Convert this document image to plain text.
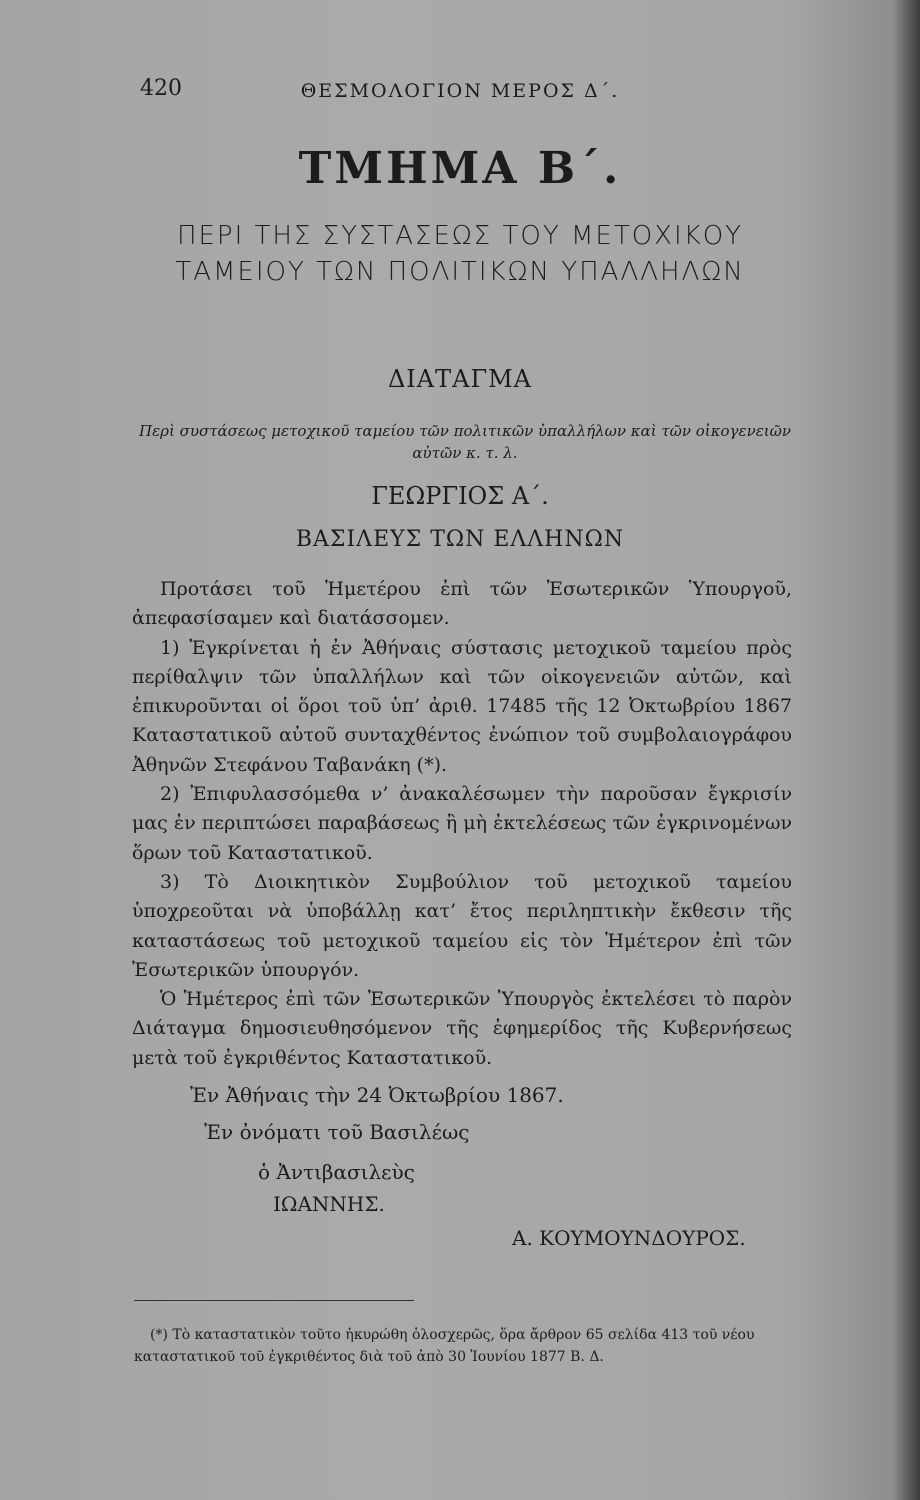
420	ΘΕΣΜΟΛΟΓΙΟΝ ΜΕΡΟΣ Δ΄.
ΤΜΗΜΑ Β΄.
ΠΕΡΙ ΤΗΣ ΣΥΣΤΑΣΕΩΣ ΤΟΥ ΜΕΤΟΧΙΚΟΥ ΤΑΜΕΙΟΥ ΤΩΝ ΠΟΛΙΤΙΚΩΝ ΥΠΑΛΛΗΛΩΝ
ΔΙΑΤΑΓΜΑ
Περὶ συστάσεως μετοχικοῦ ταμείου τῶν πολιτικῶν ὑπαλλήλων καὶ τῶν οἰκογενειῶν αὐτῶν κ. τ. λ.
ΓΕΩΡΓΙΟΣ Α΄.
ΒΑΣΙΛΕΥΣ ΤΩΝ ΕΛΛΗΝΩΝ

Προτάσει τοῦ Ἡμετέρου ἐπὶ τῶν Ἐσωτερικῶν Ὑπουργοῦ, ἀπεφασίσαμεν καὶ διατάσσομεν.

1) Ἐγκρίνεται ἡ ἐν Ἀθήναις σύστασις μετοχικοῦ ταμείου πρὸς περίθαλψιν τῶν ὑπαλλήλων καὶ τῶν οἰκογενειῶν αὐτῶν, καὶ ἐπικυροῦνται οἱ ὅροι τοῦ ὑπ’ ἀριθ. 17485 τῆς 12 Ὀκτωβρίου 1867 Καταστατικοῦ αὐτοῦ συνταχθέντος ἐνώπιον τοῦ συμβολαιογράφου Ἀθηνῶν Στεφάνου Ταβανάκη (*).

2) Ἐπιφυλασσόμεθα ν’ ἀνακαλέσωμεν τὴν παροῦσαν ἔγκρισίν μας ἐν περιπτώσει παραβάσεως ἢ μὴ ἐκτελέσεως τῶν ἐγκρινομένων ὅρων τοῦ Καταστατικοῦ.

3) Τὸ Διοικητικὸν Συμβούλιον τοῦ μετοχικοῦ ταμείου ὑποχρεοῦται νὰ ὑποβάλλῃ κατ’ ἔτος περιληπτικὴν ἔκθεσιν τῆς καταστάσεως τοῦ μετοχικοῦ ταμείου εἰς τὸν Ἡμέτερον ἐπὶ τῶν Ἐσωτερικῶν ὑπουργόν.

Ὁ Ἡμέτερος ἐπὶ τῶν Ἐσωτερικῶν Ὑπουργὸς ἐκτελέσει τὸ παρὸν Διάταγμα δημοσιευθησόμενον τῆς ἐφημερίδος τῆς Κυβερνήσεως μετὰ τοῦ ἐγκριθέντος Καταστατικοῦ.

Ἐν Ἀθήναις τὴν 24 Ὀκτωβρίου 1867.
Ἐν ὀνόματι τοῦ Βασιλέως
ὁ Ἀντιβασιλεὺς
ΙΩΑΝΝΗΣ.
Α. ΚΟΥΜΟΥΝΔΟΥΡΟΣ.
(*) Τὸ καταστατικὸν τοῦτο ἠκυρώθη ὁλοσχερῶς, ὅρα ἄρθρον 65 σελίδα 413 τοῦ νέου καταστατικοῦ τοῦ ἐγκριθέντος διὰ τοῦ ἀπὸ 30 Ἰουνίου 1877 Β. Δ.
